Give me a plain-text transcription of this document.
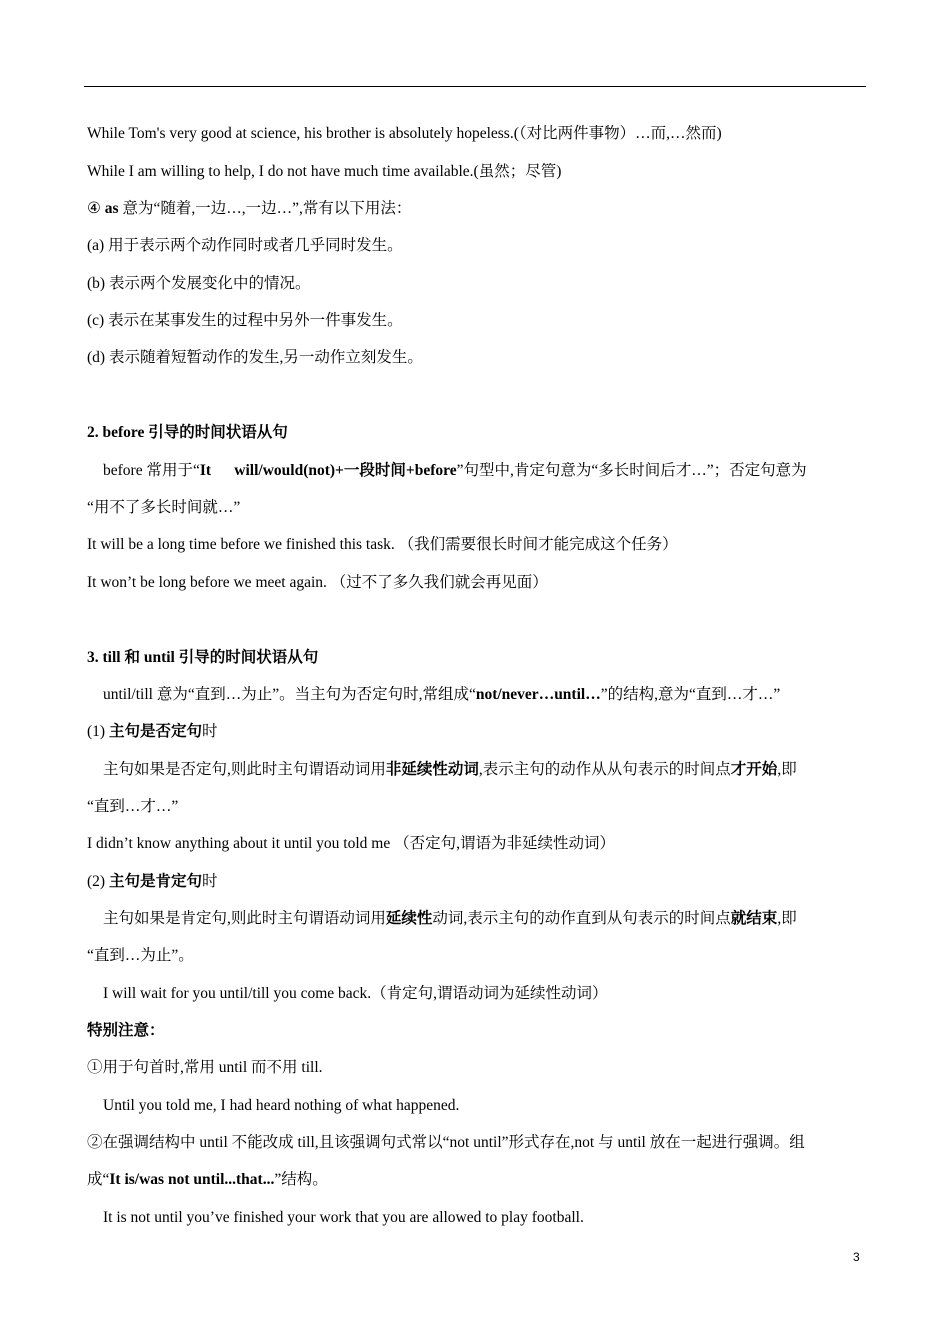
While Tom's very good at science, his brother is absolutely hopeless.(（对比两件事物）…而,…然而)
While I am willing to help, I do not have much time available.(虽然；尽管)
④ as 意为“随着,一边…,一边…”,常有以下用法：
(a) 用于表示两个动作同时或者几乎同时发生。
(b) 表示两个发展变化中的情况。
(c) 表示在某事发生的过程中另外一件事发生。
(d) 表示随着短暂动作的发生,另一动作立刻发生。
2. before 引导的时间状语从句
before 常用于“It      will/would(not)+一段时间+before”句型中,肯定句意为“多长时间后才…”；否定句意为
“用不了多长时间就…”
It will be a long time before we finished this task. （我们需要很长时间才能完成这个任务）
It won’t be long before we meet again. （过不了多久我们就会再见面）
3. till 和 until 引导的时间状语从句
until/till 意为“直到…为止”。当主句为否定句时,常组成“not/never…until…”的结构,意为“直到…才…”
(1) 主句是否定句时
主句如果是否定句,则此时主句谓语动词用非延续性动词,表示主句的动作从从句表示的时间点才开始,即
“直到…才…”
I didn’t know anything about it until you told me （否定句,谓语为非延续性动词）
(2) 主句是肯定句时
主句如果是肯定句,则此时主句谓语动词用延续性动词,表示主句的动作直到从句表示的时间点就结束,即
“直到…为止”。
I will wait for you until/till you come back.（肯定句,谓语动词为延续性动词）
特别注意：
①用于句首时,常用 until 而不用 till.
Until you told me, I had heard nothing of what happened.
②在强调结构中 until 不能改成 till,且该强调句式常以“not until”形式存在,not 与 until 放在一起进行强调。组
成“It is/was not until...that...”结构。
It is not until you’ve finished your work that you are allowed to play football.
3
